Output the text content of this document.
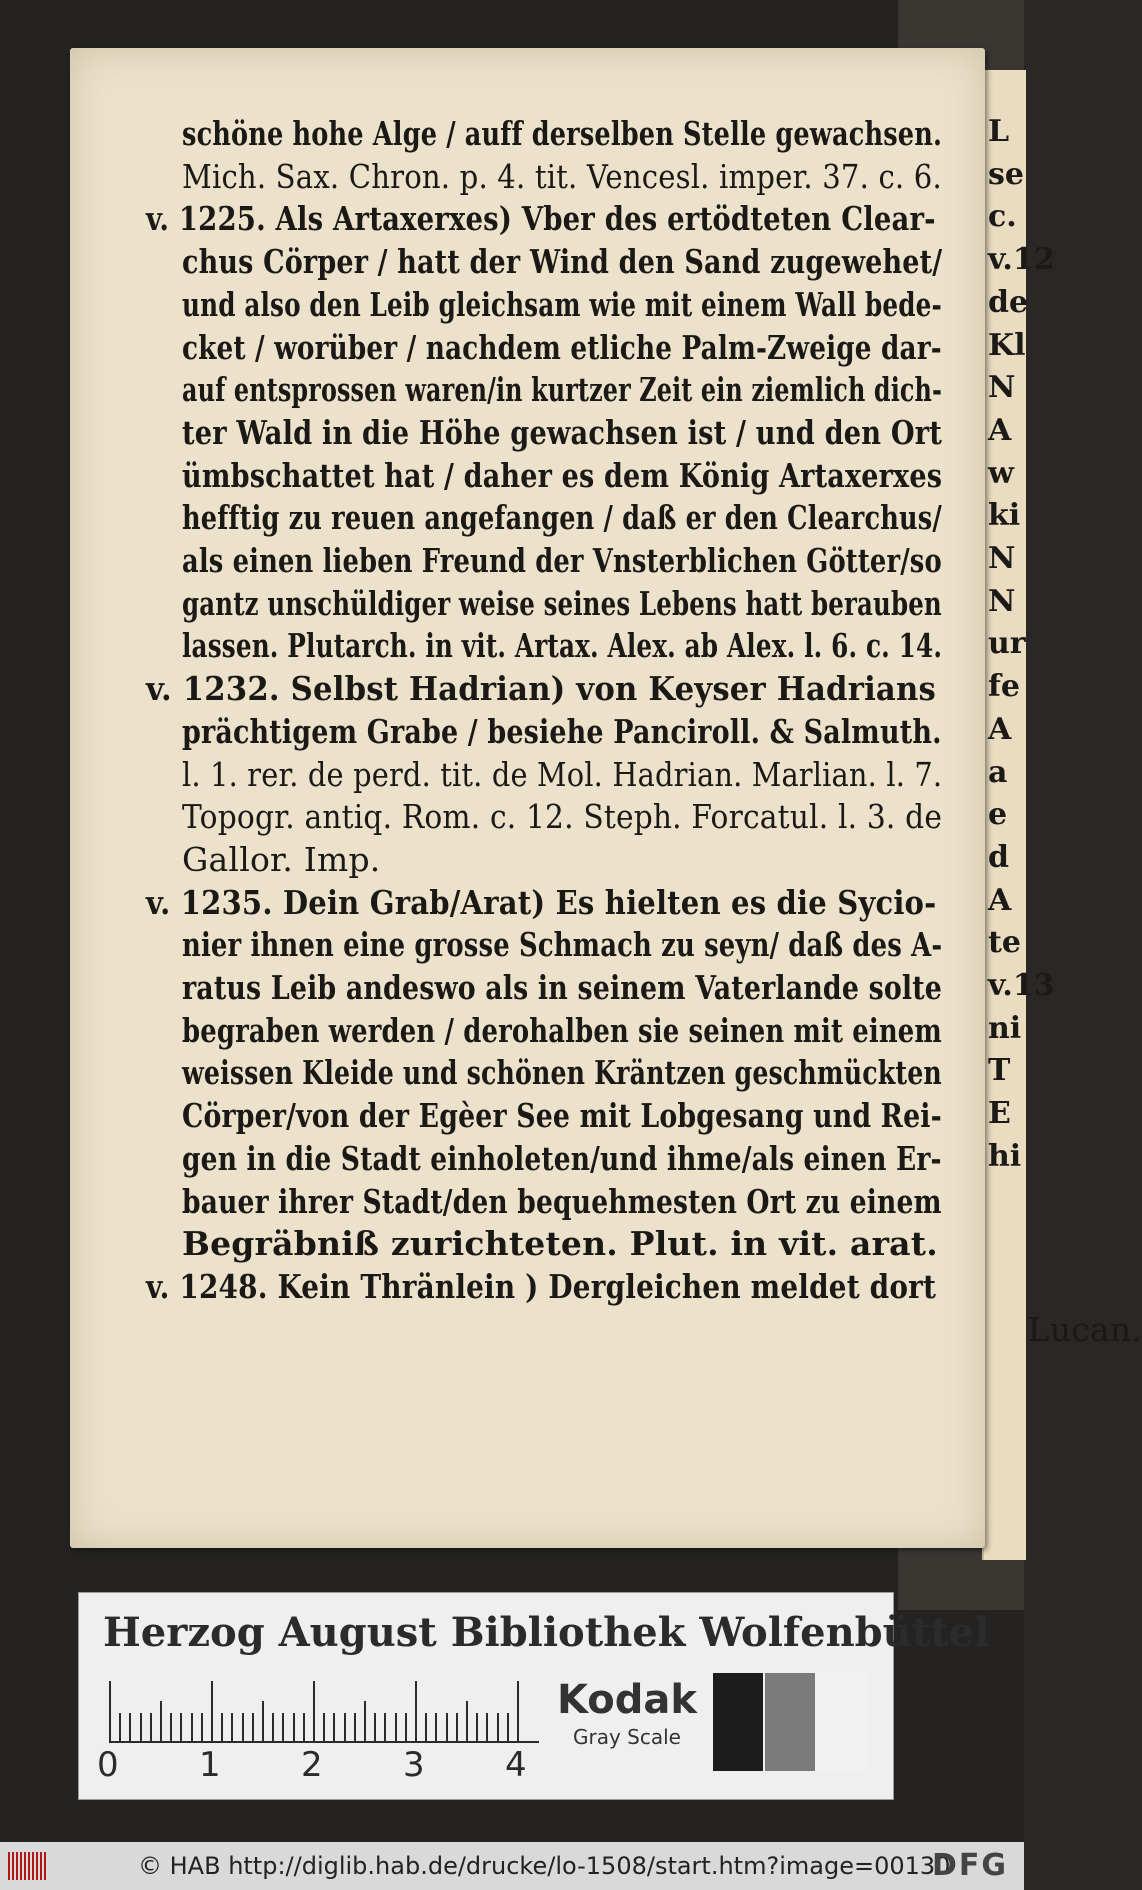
L
se
c.
v.12
de
Kl
N
A
w
ki
N
N
ur
fe
A
a
e
d
A
te
v.13
ni
T
E
hi
schöne hohe Alge / auff derselben Stelle gewachsen.
Mich. Sax. Chron. p. 4. tit. Vencesl. imper. 37. c. 6.
v. 1225. Als Artaxerxes) Vber des ertödteten Clear-
chus Cörper / hatt der Wind den Sand zugewehet/
und also den Leib gleichsam wie mit einem Wall bede-
cket / worüber / nachdem etliche Palm-Zweige dar-
auf entsprossen waren/in kurtzer Zeit ein ziemlich dich-
ter Wald in die Höhe gewachsen ist / und den Ort
ümbschattet hat / daher es dem König Artaxerxes
hefftig zu reuen angefangen / daß er den Clearchus/
als einen lieben Freund der Vnsterblichen Götter/so
gantz unschüldiger weise seines Lebens hatt berauben
lassen. Plutarch. in vit. Artax. Alex. ab Alex. l. 6. c. 14.
v. 1232. Selbst Hadrian) von Keyser Hadrians
prächtigem Grabe / besiehe Panciroll. & Salmuth.
l. 1. rer. de perd. tit. de Mol. Hadrian. Marlian. l. 7.
Topogr. antiq. Rom. c. 12. Steph. Forcatul. l. 3. de
Gallor. Imp.
v. 1235. Dein Grab/Arat) Es hielten es die Sycio-
nier ihnen eine grosse Schmach zu seyn/ daß des A-
ratus Leib andeswo als in seinem Vaterlande solte
begraben werden / derohalben sie seinen mit einem
weissen Kleide und schönen Kräntzen geschmückten
Cörper/von der Egèer See mit Lobgesang und Rei-
gen in die Stadt einholeten/und ihme/als einen Er-
bauer ihrer Stadt/den bequehmesten Ort zu einem
Begräbniß zurichteten. Plut. in vit. arat.
v. 1248. Kein Thränlein ) Dergleichen meldet dort
Lucan.
Herzog August Bibliothek Wolfenbüttel
0 1 2 3 4
Kodak
Gray Scale
© HAB http://diglib.hab.de/drucke/lo-1508/start.htm?image=00130
DFG
